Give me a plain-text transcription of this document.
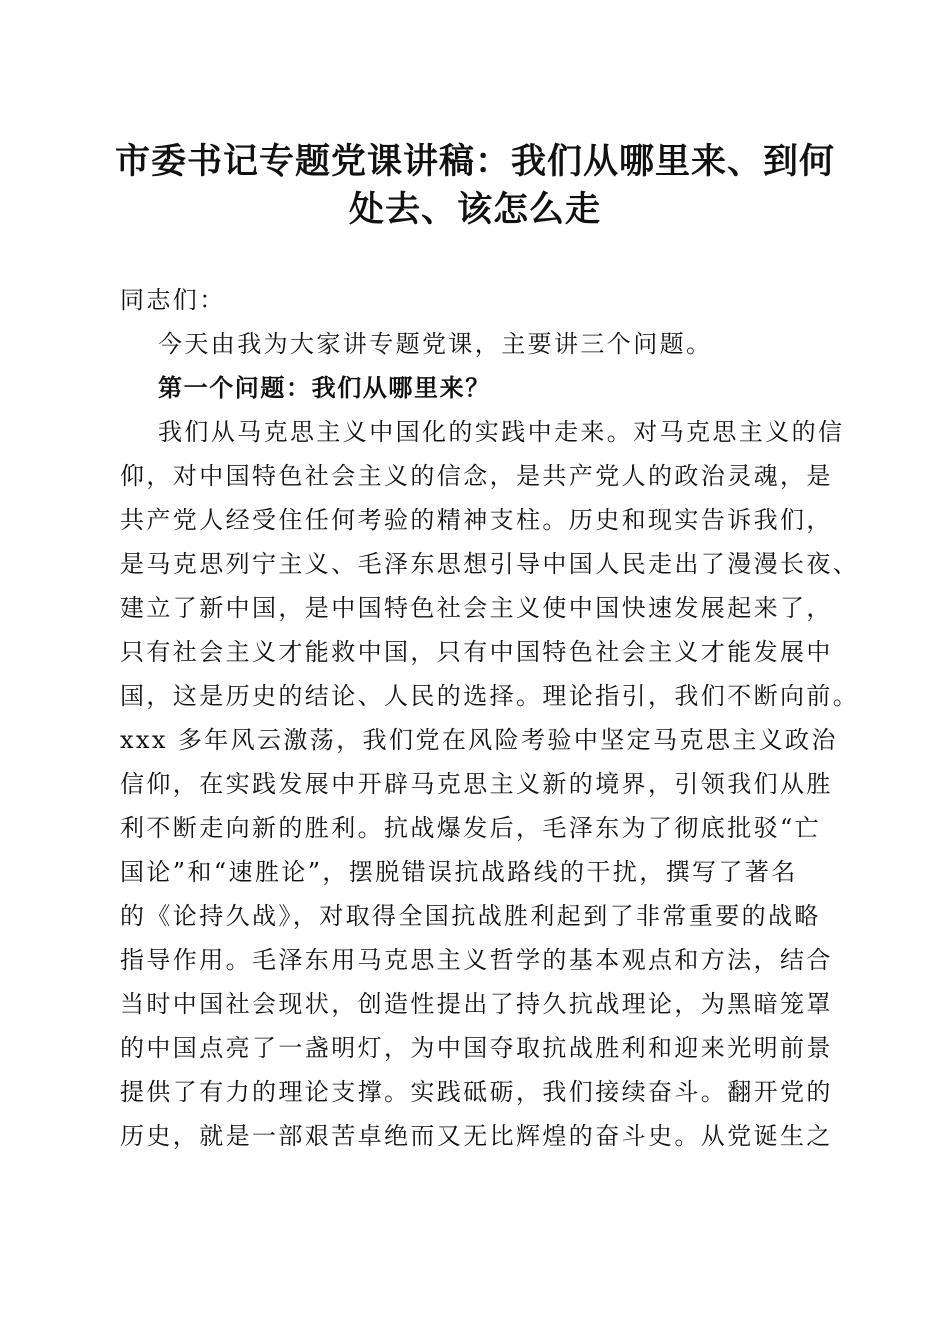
市委书记专题党课讲稿：我们从哪里来、到何
处去、该怎么走
同志们：
今天由我为大家讲专题党课，主要讲三个问题。
第一个问题：我们从哪里来？
我们从马克思主义中国化的实践中走来。对马克思主义的信
仰，对中国特色社会主义的信念，是共产党人的政治灵魂，是
共产党人经受住任何考验的精神支柱。历史和现实告诉我们，
是马克思列宁主义、毛泽东思想引导中国人民走出了漫漫长夜、
建立了新中国，是中国特色社会主义使中国快速发展起来了，
只有社会主义才能救中国，只有中国特色社会主义才能发展中
国，这是历史的结论、人民的选择。理论指引，我们不断向前。
xxx 多年风云激荡，我们党在风险考验中坚定马克思主义政治
信仰，在实践发展中开辟马克思主义新的境界，引领我们从胜
利不断走向新的胜利。抗战爆发后，毛泽东为了彻底批驳“亡
国论”和“速胜论”，摆脱错误抗战路线的干扰，撰写了著名
的《论持久战》，对取得全国抗战胜利起到了非常重要的战略
指导作用。毛泽东用马克思主义哲学的基本观点和方法，结合
当时中国社会现状，创造性提出了持久抗战理论，为黑暗笼罩
的中国点亮了一盏明灯，为中国夺取抗战胜利和迎来光明前景
提供了有力的理论支撑。实践砥砺，我们接续奋斗。翻开党的
历史，就是一部艰苦卓绝而又无比辉煌的奋斗史。从党诞生之
